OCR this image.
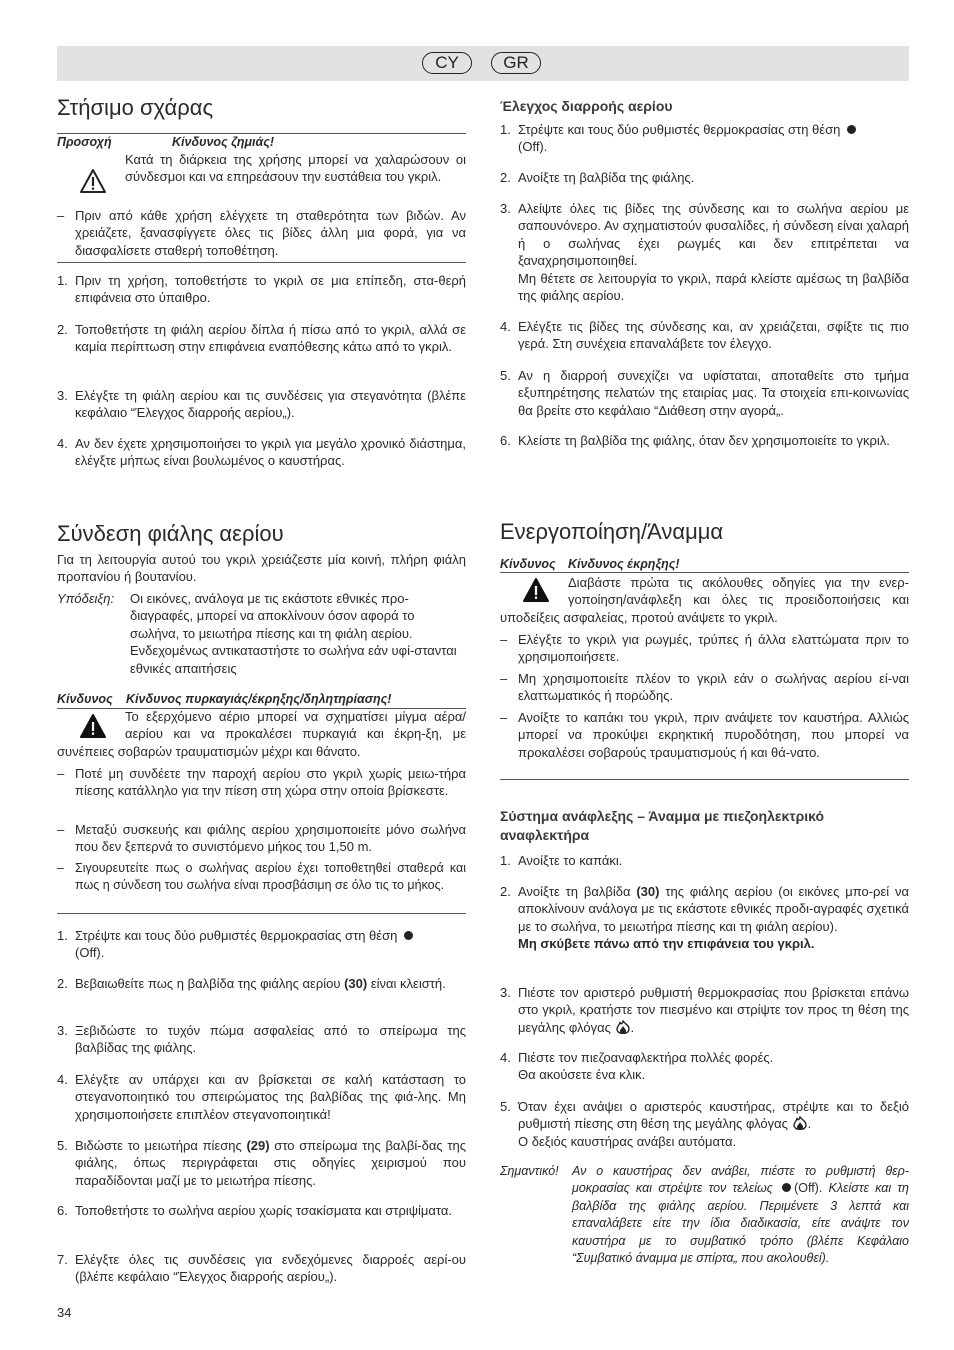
CY	GR
Στήσιμο σχάρας
Προσοχή	Κίνδυνος ζημιάς!
Κατά τη διάρκεια της χρήσης μπορεί να χαλαρώσουν οι σύνδεσμοι και να επηρεάσουν την ευστάθεια του γκριλ.
– Πριν από κάθε χρήση ελέγχετε τη σταθερότητα των βιδών. Αν χρειάζετε, ξανασφίγγετε όλες τις βίδες άλλη μια φορά, για να διασφαλίσετε σταθερή τοποθέτηση.
1. Πριν τη χρήση, τοποθετήστε το γκριλ σε μια επίπεδη, στα-θερή επιφάνεια στο ύπαιθρο.
2. Τοποθετήστε τη φιάλη αερίου δίπλα ή πίσω από το γκριλ, αλλά σε καμία περίπτωση στην επιφάνεια εναπόθεσης κάτω από το γκριλ.
3. Ελέγξτε τη φιάλη αερίου και τις συνδέσεις για στεγανότητα (βλέπε κεφάλαιο “Έλεγχος διαρροής αερίου„).
4. Αν δεν έχετε χρησιμοποιήσει το γκριλ για μεγάλο χρονικό διάστημα, ελέγξτε μήπως είναι βουλωμένος ο καυστήρας.
Σύνδεση φιάλης αερίου
Για τη λειτουργία αυτού του γκριλ χρειάζεστε μία κοινή, πλήρη φιάλη προπανίου ή βουτανίου.
Υπόδειξη: Οι εικόνες, ανάλογα με τις εκάστοτε εθνικές προ-διαγραφές, μπορεί να αποκλίνουν όσον αφορά το σωλήνα, το μειωτήρα πίεσης και τη φιάλη αερίου. Ενδεχομένως αντικαταστήστε το σωλήνα εάν υφί-στανται εθνικές απαιτήσεις
Κίνδυνος Κίνδυνος πυρκαγιάς/έκρηξης/δηλητηρίασης!
Το εξερχόμενο αέριο μπορεί να σχηματίσει μίγμα αέρα/αερίου και να προκαλέσει πυρκαγιά και έκρη-ξη, με συνέπειες σοβαρών τραυματισμών μέχρι και θάνατο.
– Ποτέ μη συνδέετε την παροχή αερίου στο γκριλ χωρίς μειω-τήρα πίεσης κατάλληλο για την πίεση στη χώρα στην οποία βρίσκεστε.
– Μεταξύ συσκευής και φιάλης αερίου χρησιμοποιείτε μόνο σωλήνα που δεν ξεπερνά το συνιστόμενο μήκος του 1,50 m.
– Σιγουρευτείτε πως ο σωλήνας αερίου έχει τοποθετηθεί σταθερά και πως η σύνδεση του σωλήνα είναι προσβάσιμη σε όλο τις το μήκος.
1. Στρέψτε και τους δύο ρυθμιστές θερμοκρασίας στη θέση
(Off).
2. Βεβαιωθείτε πως η βαλβίδα της φιάλης αερίου (30) είναι κλειστή.
3. Ξεβιδώστε το τυχόν πώμα ασφαλείας από το σπείρωμα της βαλβίδας της φιάλης.
4. Ελέγξτε αν υπάρχει και αν βρίσκεται σε καλή κατάσταση το στεγανοποιητικό του σπειρώματος της βαλβίδας της φιά-λης. Μη χρησιμοποιήσετε επιπλέον στεγανοποιητικά!
5. Βιδώστε το μειωτήρα πίεσης (29) στο σπείρωμα της βαλβί-δας της φιάλης, όπως περιγράφεται στις οδηγίες χειρισμού που παραδίδονται μαζί με το μειωτήρα πίεσης.
6. Τοποθετήστε το σωλήνα αερίου χωρίς τσακίσματα και στριψίματα.
7. Ελέγξτε όλες τις συνδέσεις για ενδεχόμενες διαρροές αερί-ου (βλέπε κεφάλαιο “Έλεγχος διαρροής αερίου„).
Έλεγχος διαρροής αερίου
1. Στρέψτε και τους δύο ρυθμιστές θερμοκρασίας στη θέση
(Off).
2. Ανοίξτε τη βαλβίδα της φιάλης.
3. Αλείψτε όλες τις βίδες της σύνδεσης και το σωλήνα αερίου με σαπουνόνερο. Αν σχηματιστούν φυσαλίδες, ή σύνδεση είναι χαλαρή ή ο σωλήνας έχει ρωγμές και δεν επιτρέπεται να ξαναχρησιμοποιηθεί.
Μη θέτετε σε λειτουργία το γκριλ, παρά κλείστε αμέσως τη βαλβίδα της φιάλης αερίου.
4. Ελέγξτε τις βίδες της σύνδεσης και, αν χρειάζεται, σφίξτε τις πιο γερά. Στη συνέχεια επαναλάβετε τον έλεγχο.
5. Αν η διαρροή συνεχίζει να υφίσταται, αποταθείτε στο τμήμα εξυπηρέτησης πελατών της εταιρίας μας. Τα στοιχεία επι-κοινωνίας θα βρείτε στο κεφάλαιο “Διάθεση στην αγορά„.
6. Κλείστε τη βαλβίδα της φιάλης, όταν δεν χρησιμοποιείτε το γκριλ.
Ενεργοποίηση/Άναμμα
Κίνδυνος Κίνδυνος έκρηξης!
Διαβάστε πρώτα τις ακόλουθες οδηγίες για την ενερ-γοποίηση/ανάφλεξη και όλες τις προειδοποιήσεις και υποδείξεις ασφαλείας, προτού ανάψετε το γκριλ.
– Ελέγξτε το γκριλ για ρωγμές, τρύπες ή άλλα ελαττώματα πριν το χρησιμοποιήσετε.
– Μη χρησιμοποιείτε πλέον το γκριλ εάν ο σωλήνας αερίου εί-ναι ελαττωματικός ή πορώδης.
– Ανοίξτε το καπάκι του γκριλ, πριν ανάψετε τον καυστήρα. Αλλιώς μπορεί να προκύψει εκρηκτική πυροδότηση, που μπορεί να προκαλέσει σοβαρούς τραυματισμούς ή και θά-νατο.
Σύστημα ανάφλεξης – Άναμμα με πιεζοηλεκτρικό αναφλεκτήρα
1. Ανοίξτε το καπάκι.
2. Ανοίξτε τη βαλβίδα (30) της φιάλης αερίου (οι εικόνες μπο-ρεί να αποκλίνουν ανάλογα με τις εκάστοτε εθνικές προδι-αγραφές σχετικά με το σωλήνα, το μειωτήρα πίεσης και τη φιάλη αερίου).
Μη σκύβετε πάνω από την επιφάνεια του γκριλ.
3. Πιέστε τον αριστερό ρυθμιστή θερμοκρασίας που βρίσκεται επάνω στο γκριλ, κρατήστε τον πιεσμένο και στρίψτε τον προς τη θέση της μεγάλης φλόγας .
4. Πιέστε τον πιεζοαναφλεκτήρα πολλές φορές.
Θα ακούσετε ένα κλικ.
5. Όταν έχει ανάψει ο αριστερός καυστήρας, στρέψτε και το δεξιό ρυθμιστή πίεσης στη θέση της μεγάλης φλόγας .
Ο δεξιός καυστήρας ανάβει αυτόματα.
Σημαντικό! Αν ο καυστήρας δεν ανάβει, πιέστε το ρυθμιστή θερ-μοκρασίας και στρέψτε τον τελείως (Off). Κλείστε και τη βαλβίδα της φιάλης αερίου. Περιμένετε 3 λεπτά και επαναλάβετε είτε την ίδια διαδικασία, είτε ανάψτε τον καυστήρα με το συμβατικό τρόπο (βλέπε Κεφάλαιο “Συμβατικό άναμμα με σπίρτα„ που ακολουθεί).
34
